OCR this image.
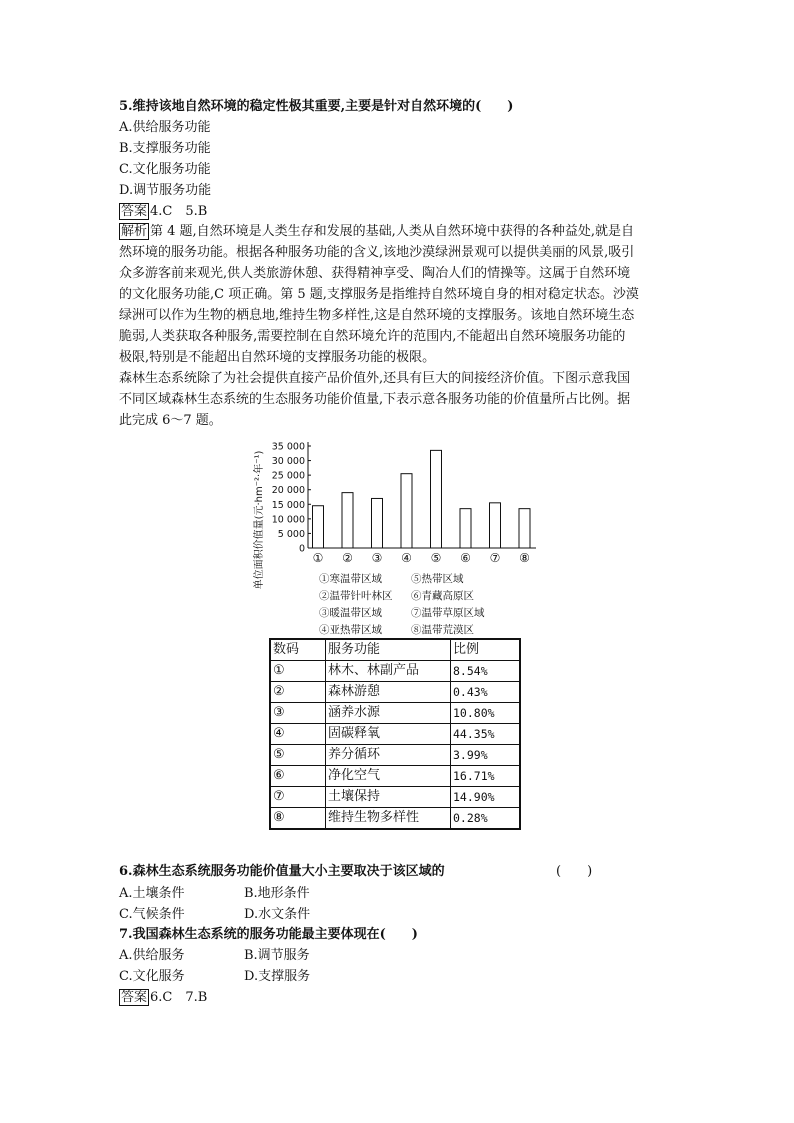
5.维持该地自然环境的稳定性极其重要,主要是针对自然环境的(　　)
A.供给服务功能
B.支撑服务功能
C.文化服务功能
D.调节服务功能
答案 4.C　5.B
解析 第 4 题,自然环境是人类生存和发展的基础,人类从自然环境中获得的各种益处,就是自
然环境的服务功能。根据各种服务功能的含义,该地沙漠绿洲景观可以提供美丽的风景,吸引
众多游客前来观光,供人类旅游休憩、获得精神享受、陶冶人们的情操等。这属于自然环境
的文化服务功能,C 项正确。第 5 题,支撑服务是指维持自然环境自身的相对稳定状态。沙漠
绿洲可以作为生物的栖息地,维持生物多样性,这是自然环境的支撑服务。该地自然环境生态
脆弱,人类获取各种服务,需要控制在自然环境允许的范围内,不能超出自然环境服务功能的
极限,特别是不能超出自然环境的支撑服务功能的极限。
森林生态系统除了为社会提供直接产品价值外,还具有巨大的间接经济价值。下图示意我国
不同区域森林生态系统的生态服务功能价值量,下表示意各服务功能的价值量所占比例。据
此完成 6～7 题。
单位面积价值量(元·hm⁻²·年⁻¹)
35 000
30 000
25 000
20 000
15 000
10 000
5 000
0
① ② ③ ④ ⑤ ⑥ ⑦ ⑧
①寒温带区域	⑤热带区域
②温带针叶林区 ⑥青藏高原区
③暖温带区域	⑦温带草原区域
④亚热带区域	⑧温带荒漠区
数码	服务功能	比例
①	林木、林副产品	8.54%
②	森林游憩	0.43%
③	涵养水源	10.80%
④	固碳释氧	44.35%
⑤	养分循环	3.99%
⑥	净化空气	16.71%
⑦	土壤保持	14.90%
⑧	维持生物多样性	0.28%
6.森林生态系统服务功能价值量大小主要取决于该区域的	(　　)
A.土壤条件	B.地形条件
C.气候条件	D.水文条件
7.我国森林生态系统的服务功能最主要体现在(　　)
A.供给服务	B.调节服务
C.文化服务	D.支撑服务
答案 6.C　7.B
